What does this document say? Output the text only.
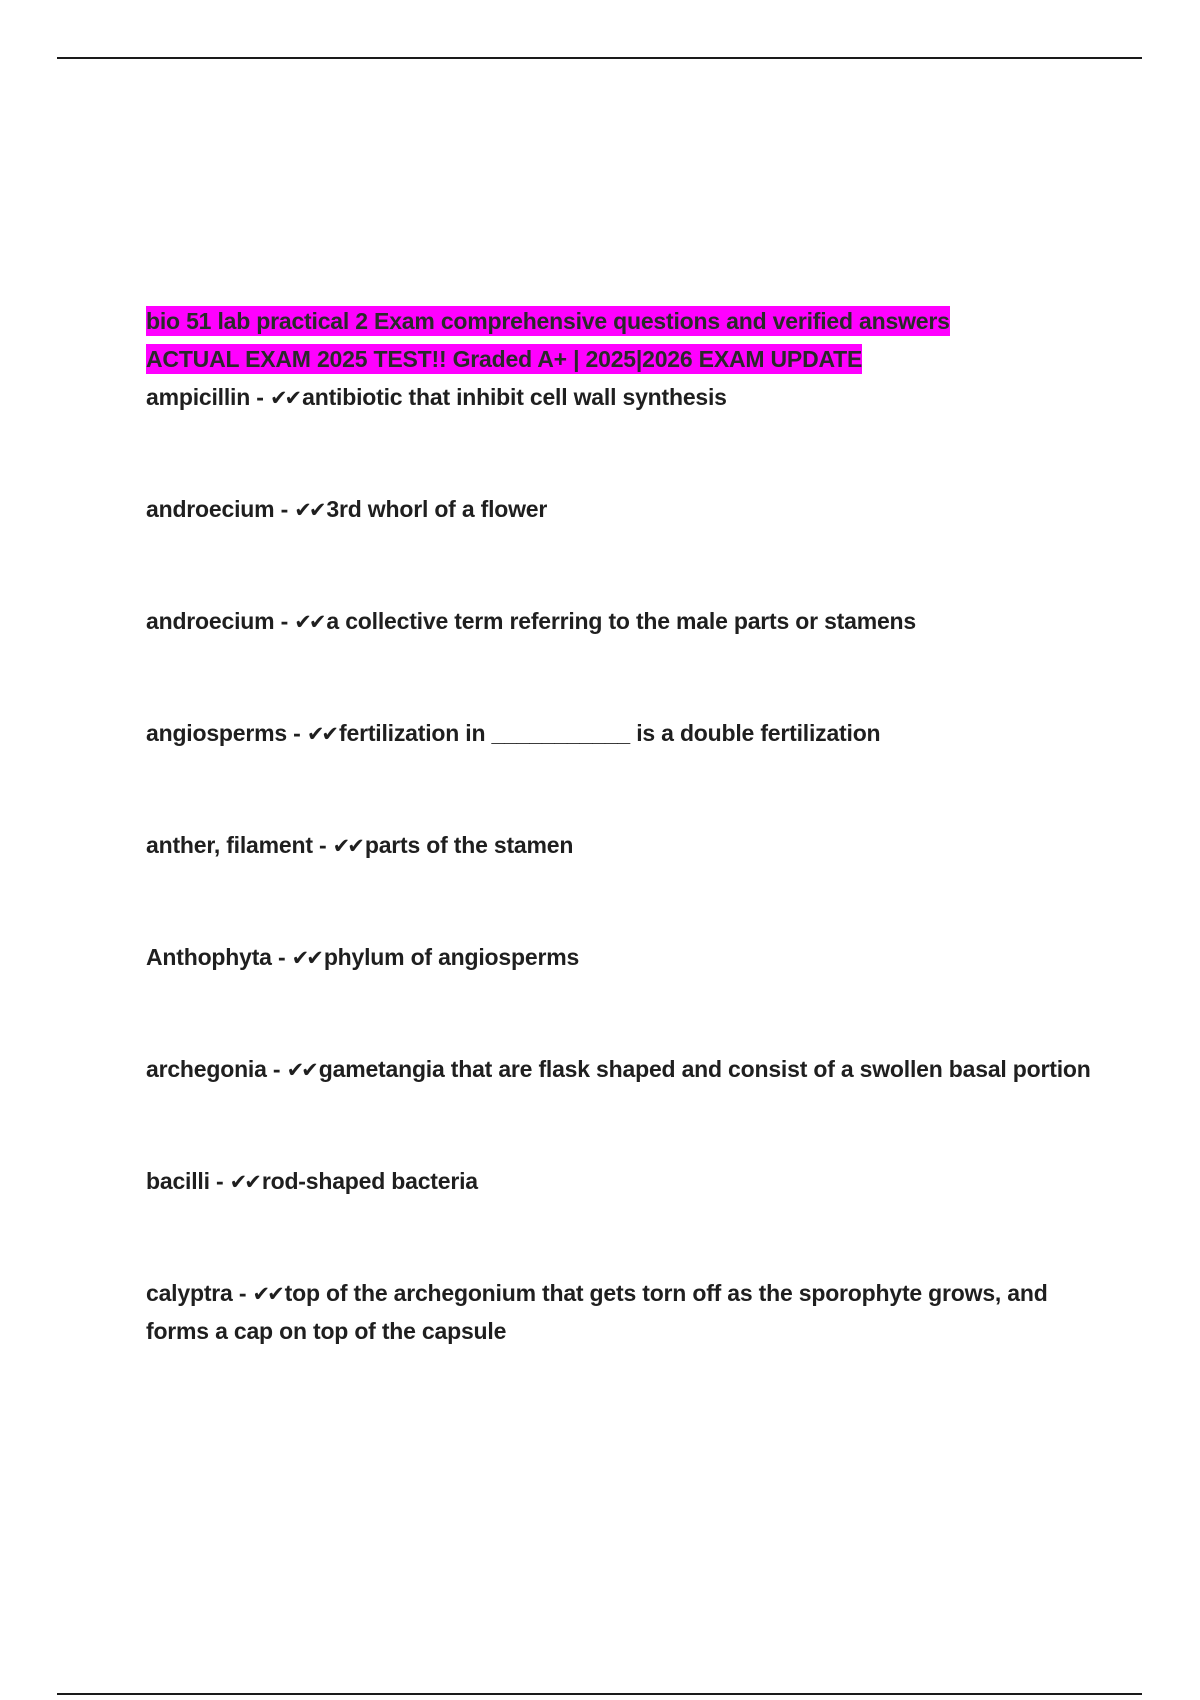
bio 51 lab practical 2 Exam comprehensive questions and verified answers
ACTUAL EXAM 2025 TEST!! Graded A+ | 2025|2026 EXAM UPDATE

ampicillin - ✔✔ antibiotic that inhibit cell wall synthesis

androecium - ✔✔ 3rd whorl of a flower

androecium - ✔✔ a collective term referring to the male parts or stamens

angiosperms - ✔✔ fertilization in ___________ is a double fertilization

anther, filament - ✔✔ parts of the stamen

Anthophyta - ✔✔ phylum of angiosperms

archegonia - ✔✔ gametangia that are flask shaped and consist of a swollen basal portion

bacilli - ✔✔ rod-shaped bacteria

calyptra - ✔✔ top of the archegonium that gets torn off as the sporophyte grows, and forms a cap on top of the capsule
